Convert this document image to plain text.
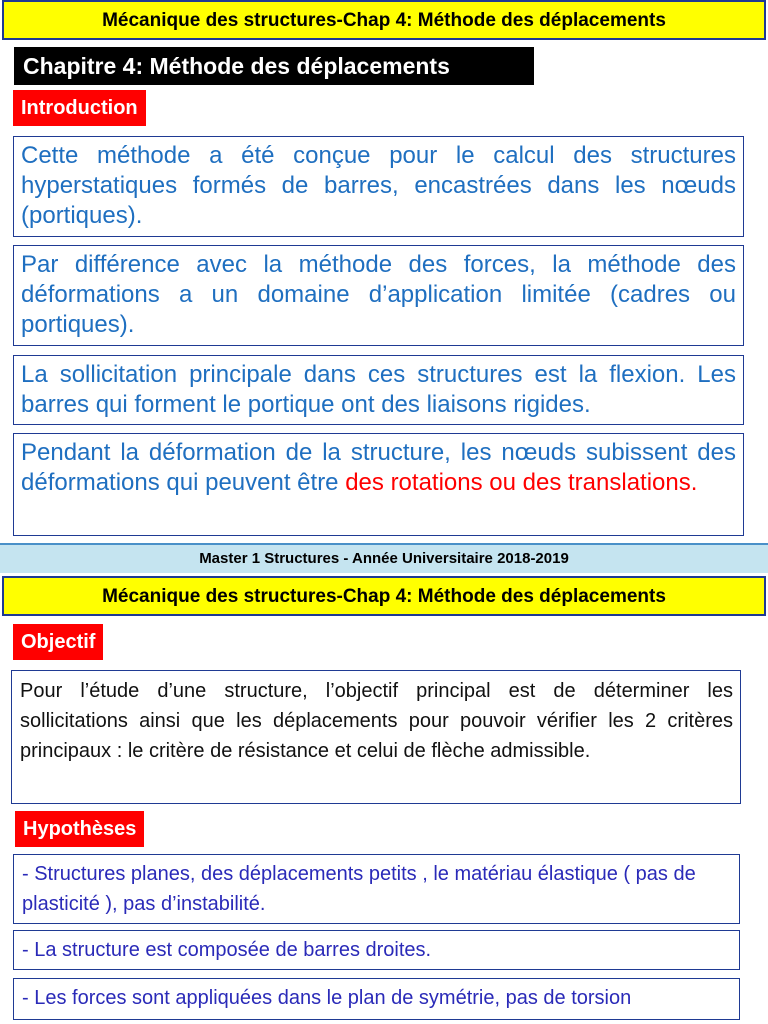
Mécanique des structures-Chap 4: Méthode des déplacements
Chapitre 4: Méthode des déplacements
Introduction
Cette méthode a été conçue pour le calcul des structures hyperstatiques formés de barres, encastrées dans les nœuds (portiques).
Par différence avec la méthode des forces, la méthode des déformations a un domaine d’application limitée (cadres ou portiques).
La sollicitation principale dans ces structures est la flexion. Les barres qui forment le portique ont des liaisons rigides.
Pendant la déformation de la structure, les nœuds subissent des déformations qui peuvent être des rotations ou des translations.
Master 1 Structures - Année Universitaire 2018-2019
Mécanique des structures-Chap 4: Méthode des déplacements
Objectif
Pour l’étude d’une structure, l’objectif principal est de déterminer les sollicitations ainsi que les déplacements pour pouvoir vérifier les 2 critères principaux : le critère de résistance et celui de flèche admissible.
Hypothèses
- Structures planes, des déplacements petits , le matériau élastique ( pas de plasticité ), pas d’instabilité.
- La structure est composée de barres droites.
- Les forces sont appliquées dans le plan de symétrie, pas de torsion
